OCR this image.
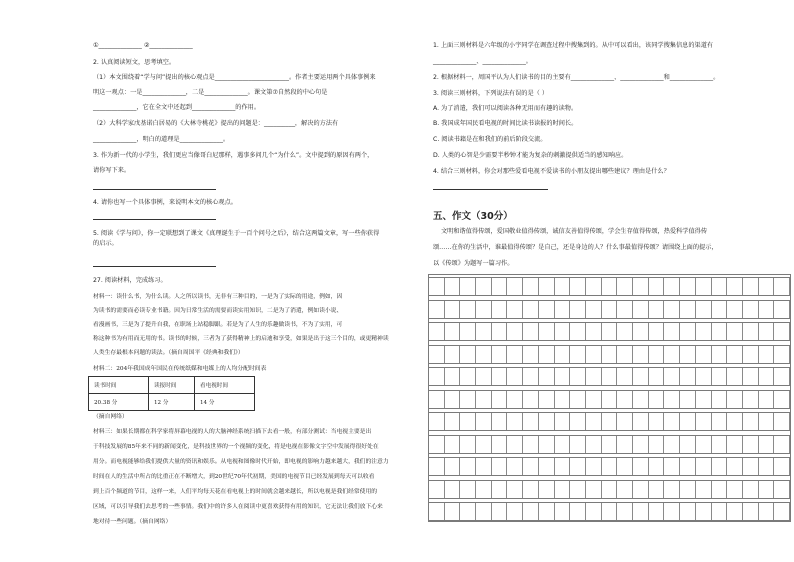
①______________ ②______________
2. 认真阅读短文，思考填空。
（1）本文围绕着“学与问”提出的核心观点是________________________。作者主要运用两个具体事例来
明这一观点：一是______________，二是______________。课文第⑦自然段的中心句是
______________，它在全文中还起到______________的作用。
（2）大科学家戊基诺白居易的《大林寺桃花》提出的问题是：__________，解决的方法有
______________，明白的道理是______________。
3. 作为新一代的小学生，我们更应当像哥白尼那样，遇事多问几个“为什么”。文中提到的原因有两个，
请你写下来。
4. 请你也写一个具体事例，来说明本文的核心观点。
5. 阅读《学与问》，你一定联想到了课文《真理诞生于一百个问号之后》，结合这两篇文章，写一些你获得
的启示。
27. 阅读材料，完成练习。
材料一：读什么书，为什么读。人之所以读书，无非有三种目的，一是为了实际的用途，例如，因
为读书的需要而必读专业书籍。因为日常生活的需要而读实用知识，二是为了消遣，例如读小说、
看漫画书，三是为了提升自我，在职场上站稳脚跟。若是为了人生的乐趣做读书，不为了实用，可
称这种书为有用而无用的书。读书的时候，三者为了获得精神上的启迪和享受，如果是出于这三个目的，或更精神读
人类生存最根本问题的读法。（摘自周国平《经典和我们》）
材料二：204年我国成年国民在传统纸媒和电媒上的人均分配时间表
读书时间	读报时间	看电视时间
20.38 分	12 分	14 分
（摘自网络）
材料三：如果长期都在科学家将屏幕电视的人的大脑神经系统扫描下去看一般，有部分测试：当电视主要是出
于科技发展的85年来不同的新闻变化，是科技世界的一个视频的变化，将是电视在影像文字空中发展得很好处在
用分。而电视能够给我们提供大量的资讯和娱乐。从电视和图像时代开始，即电视的影响力越来越大，我们的注意力
时间在人的生活中所占的比重正在不断增大，到20世纪70年代初期，美国的电视节目已经发展到每天可以收看
到上百个频道的节目，这样一来，人们平均每天花在看电视上的时间就会越来越长，所以电视是我们经常使用的
区域，可以引导我们去思考的一些事情。我们中的许多人在阅读中更喜欢获得有用的知识，它无法让我们放下心来
地对待一些问题。（摘自网络）
1. 上面三则材料是六年级的小宇同学在调查过程中搜集到的。从中可以看出，该同学搜集信息的渠道有
______________、______________。
2. 根据材料一，周国平认为人们读书的目的主要有______________、______________和______________。
3. 阅读三则材料，下列说法有误的是（ ）
A. 为了消遣，我们可以阅读各种无用而有趣的读物。
B. 我国成年国民看电视的时间比读书读报的时间长。
C. 阅读书籍是在和我们的前后阶段交流。
D. 人类的心智是少需要半秒钟才能为复杂的刺激提供适当的感知响应。
4. 结合三则材料，你会对那些爱看电视不爱读书的小朋友提出哪些建议？理由是什么？
五、作文（30分）
文明和谐值得传颂，爱国敬业值得传颂，诚信友善值得传颂，学会生存值得传颂，热爱科学值得传
颂……在你的生活中，谁最值得传颂？是自己，还是身边的人？什么事最值得传颂？请围绕上面的提示，
以《传颂》为题写一篇习作。
